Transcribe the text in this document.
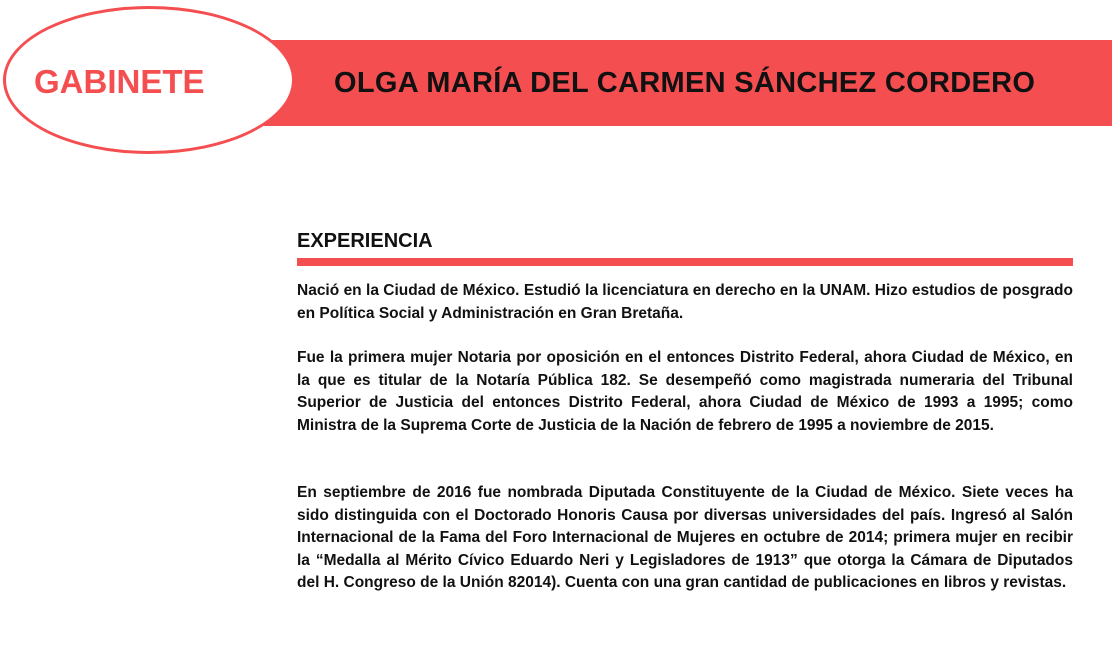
OLGA MARÍA DEL CARMEN SÁNCHEZ CORDERO
GABINETE
EXPERIENCIA

Nació en la Ciudad de México. Estudió la licenciatura en derecho en la UNAM. Hizo estudios de posgrado en Política Social y Administración en Gran Bretaña.

Fue la primera mujer Notaria por oposición en el entonces Distrito Federal, ahora Ciudad de México, en la que es titular de la Notaría Pública 182. Se desempeñó como magistrada numeraria del Tribunal Superior de Justicia del entonces Distrito Federal, ahora Ciudad de México de 1993 a 1995; como Ministra de la Suprema Corte de Justicia de la Nación de febrero de 1995 a noviembre de 2015.

En septiembre de 2016 fue nombrada Diputada Constituyente de la Ciudad de México. Siete veces ha sido distinguida con el Doctorado Honoris Causa por diversas universidades del país. Ingresó al Salón Internacional de la Fama del Foro Internacional de Mujeres en octubre de 2014; primera mujer en recibir la “Medalla al Mérito Cívico Eduardo Neri y Legisladores de 1913” que otorga la Cámara de Diputados del H. Congreso de la Unión 82014). Cuenta con una gran cantidad de publicaciones en libros y revistas.
